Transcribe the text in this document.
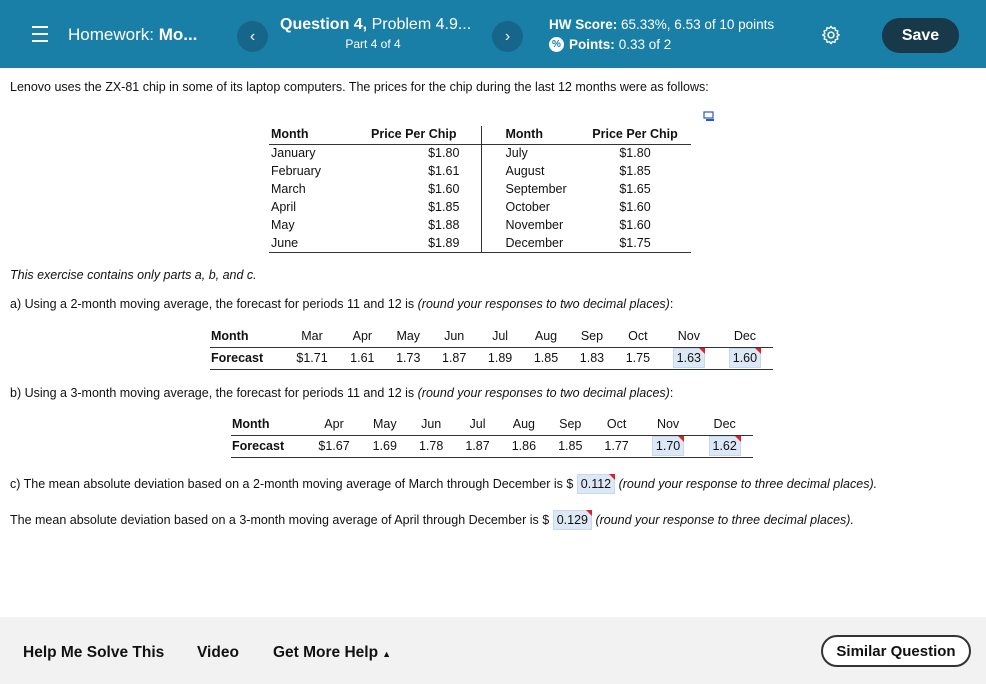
Homework: Mo...	‹
Question 4, Problem 4.9...
Part 4 of 4	›
HW Score: 65.33%, 6.53 of 10 points
% Points: 0.33 of 2
Save
Lenovo uses the ZX-81 chip in some of its laptop computers. The prices for the chip during the last 12 months were as follows:
Month	Price Per Chip	Month	Price Per Chip
January	$1.80	July	$1.80
February	$1.61	August	$1.85
March	$1.60	September	$1.65
April	$1.85	October	$1.60
May	$1.88	November	$1.60
June	$1.89	December	$1.75
This exercise contains only parts a, b, and c.
a) Using a 2-month moving average, the forecast for periods 11 and 12 is (round your responses to two decimal places):
Month	Mar	Apr	May	Jun	Jul	Aug	Sep	Oct	Nov	Dec
Forecast	$1.71	1.61	1.73	1.87	1.89	1.85	1.83	1.75	1.63	1.60
b) Using a 3-month moving average, the forecast for periods 11 and 12 is (round your responses to two decimal places):
Month	Apr	May	Jun	Jul	Aug	Sep	Oct	Nov	Dec
Forecast	$1.67	1.69	1.78	1.87	1.86	1.85	1.77	1.70	1.62
c) The mean absolute deviation based on a 2-month moving average of March through December is $ 0.112 (round your response to three decimal places).
The mean absolute deviation based on a 3-month moving average of April through December is $ 0.129 (round your response to three decimal places).
Help Me Solve This Video Get More Help ▲	Similar Question
